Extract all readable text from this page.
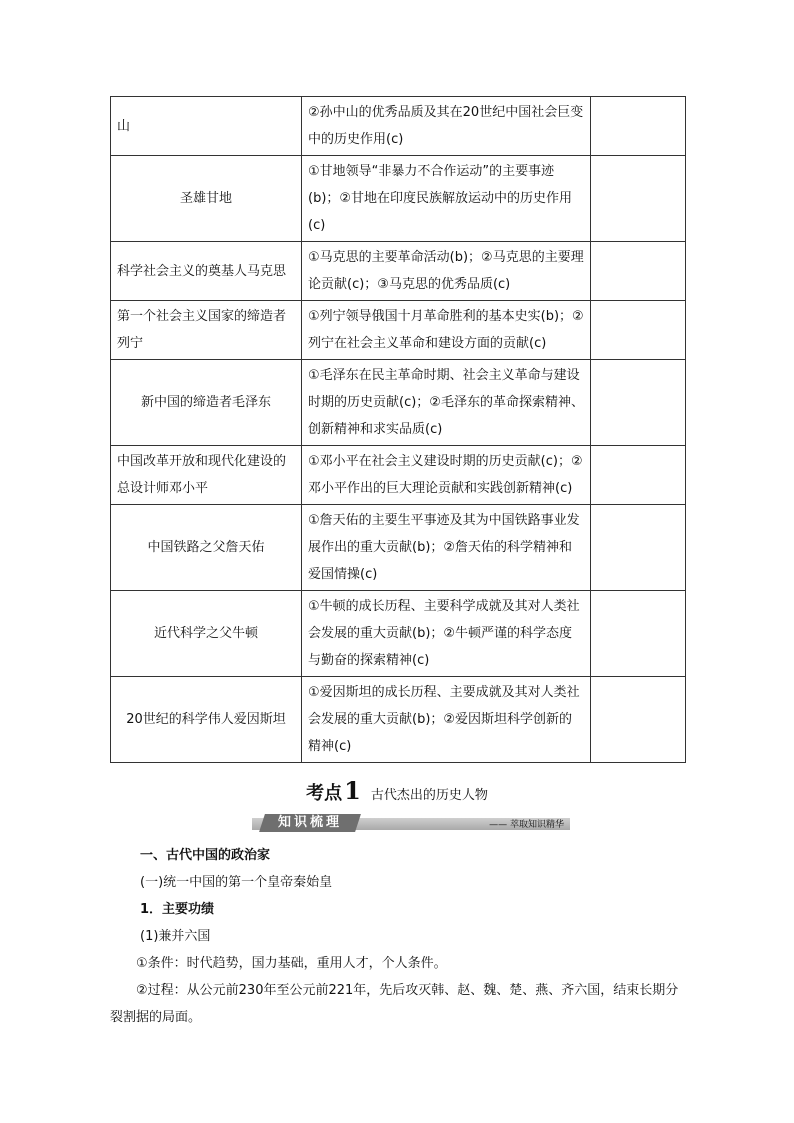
山	②孙中山的优秀品质及其在20世纪中国社会巨变中的历史作用(c)	
圣雄甘地	①甘地领导“非暴力不合作运动”的主要事迹(b)；②甘地在印度民族解放运动中的历史作用(c)	
科学社会主义的奠基人马克思	①马克思的主要革命活动(b)；②马克思的主要理论贡献(c)；③马克思的优秀品质(c)	
第一个社会主义国家的缔造者列宁	①列宁领导俄国十月革命胜利的基本史实(b)；②列宁在社会主义革命和建设方面的贡献(c)	
新中国的缔造者毛泽东	①毛泽东在民主革命时期、社会主义革命与建设时期的历史贡献(c)；②毛泽东的革命探索精神、创新精神和求实品质(c)	
中国改革开放和现代化建设的总设计师邓小平	①邓小平在社会主义建设时期的历史贡献(c)；②邓小平作出的巨大理论贡献和实践创新精神(c)	
中国铁路之父詹天佑	①詹天佑的主要生平事迹及其为中国铁路事业发展作出的重大贡献(b)；②詹天佑的科学精神和爱国情操(c)	
近代科学之父牛顿	①牛顿的成长历程、主要科学成就及其对人类社会发展的重大贡献(b)；②牛顿严谨的科学态度与勤奋的探索精神(c)	
20世纪的科学伟人爱因斯坦	①爱因斯坦的成长历程、主要成就及其对人类社会发展的重大贡献(b)；②爱因斯坦科学创新的精神(c)	
考点1 古代杰出的历史人物
知识梳理	—— 萃取知识精华

一、古代中国的政治家

(一)统一中国的第一个皇帝秦始皇

1．主要功绩

(1)兼并六国

①条件：时代趋势，国力基础，重用人才，个人条件。

②过程：从公元前230年至公元前221年，先后攻灭韩、赵、魏、楚、燕、齐六国，结束长期分裂割据的局面。
